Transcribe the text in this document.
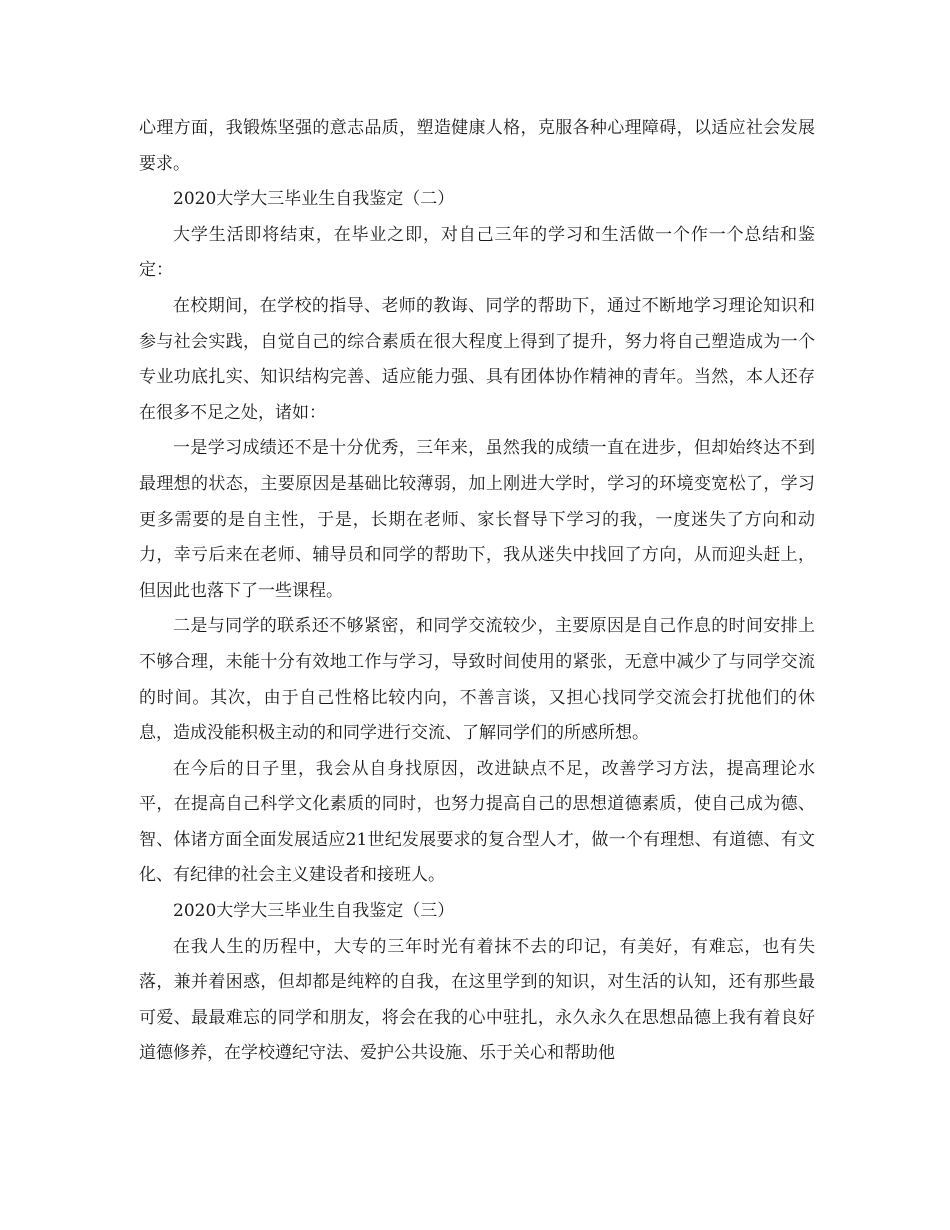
心理方面，我锻炼坚强的意志品质，塑造健康人格，克服各种心理障碍，以适应社会发展要求。

2020大学大三毕业生自我鉴定（二）

大学生活即将结束，在毕业之即，对自己三年的学习和生活做一个作一个总结和鉴定：

在校期间，在学校的指导、老师的教诲、同学的帮助下，通过不断地学习理论知识和参与社会实践，自觉自己的综合素质在很大程度上得到了提升，努力将自己塑造成为一个专业功底扎实、知识结构完善、适应能力强、具有团体协作精神的青年。当然，本人还存在很多不足之处，诸如：

一是学习成绩还不是十分优秀，三年来，虽然我的成绩一直在进步，但却始终达不到最理想的状态，主要原因是基础比较薄弱，加上刚进大学时，学习的环境变宽松了，学习更多需要的是自主性，于是，长期在老师、家长督导下学习的我，一度迷失了方向和动力，幸亏后来在老师、辅导员和同学的帮助下，我从迷失中找回了方向，从而迎头赶上，但因此也落下了一些课程。

二是与同学的联系还不够紧密，和同学交流较少，主要原因是自己作息的时间安排上不够合理，未能十分有效地工作与学习，导致时间使用的紧张，无意中减少了与同学交流的时间。其次，由于自己性格比较内向，不善言谈，又担心找同学交流会打扰他们的休息，造成没能积极主动的和同学进行交流、了解同学们的所感所想。

在今后的日子里，我会从自身找原因，改进缺点不足，改善学习方法，提高理论水平，在提高自己科学文化素质的同时，也努力提高自己的思想道德素质，使自己成为德、智、体诸方面全面发展适应21世纪发展要求的复合型人才，做一个有理想、有道德、有文化、有纪律的社会主义建设者和接班人。

2020大学大三毕业生自我鉴定（三）

在我人生的历程中，大专的三年时光有着抹不去的印记，有美好，有难忘，也有失落，兼并着困惑，但却都是纯粹的自我，在这里学到的知识，对生活的认知，还有那些最可爱、最最难忘的同学和朋友，将会在我的心中驻扎，永久永久在思想品德上我有着良好道德修养，在学校遵纪守法、爱护公共设施、乐于关心和帮助他
